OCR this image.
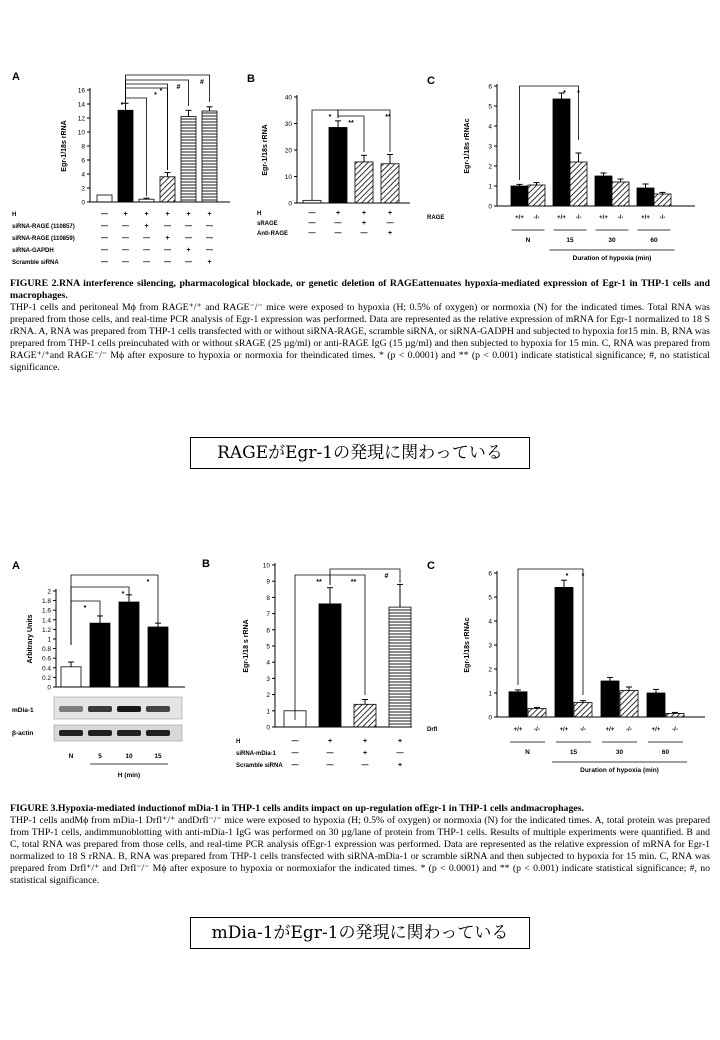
A
0
2
4
6
8
10
12
14
16
Egr-1/18s rRNA
H	— + + + + +
siRNA-RAGE (110857)	— — + — — —
siRNA-RAGE (110859)	— — — + — —
siRNA-GAPDH	— — — — + —
Scramble siRNA	— — — — — +
*
*
*
#
#	B
0
10
20
30
40
Egr-1/18s rRNA
H	—	+	+	+
sRAGE	—	—	+	—
Anti-RAGE	—	—	—	+
*
**
**
C
0
1
2
3
4
5
6
Egr-1/18s rRNAc
RAGE	+/+ -/-	+/+ -/-	+/+ -/-	+/+ -/-
N	15	30	60
Duration of hypoxia (min)
* *

FIGURE 2.RNA interference silencing, pharmacological blockade, or genetic deletion of RAGEattenuates hypoxia-mediated expression of Egr-1 in THP-1 cells and macrophages.

THP-1 cells and peritoneal Mϕ from RAGE⁺/⁺ and RAGE⁻/⁻ mice were exposed to hypoxia (H; 0.5% of oxygen) or normoxia (N) for the indicated times. Total RNA was prepared from those cells, and real-time PCR analysis of Egr-1 expression was performed. Data are represented as the relative expression of mRNA for Egr-1 normalized to 18 S rRNA. A, RNA was prepared from THP-1 cells transfected with or without siRNA-RAGE, scramble siRNA, or siRNA-GADPH and subjected to hypoxia for15 min. B, RNA was prepared from THP-1 cells preincubated with or without sRAGE (25 µg/ml) or anti-RAGE IgG (15 µg/ml) and then subjected to hypoxia for 15 min. C, RNA was prepared from RAGE⁺/⁺and RAGE⁻/⁻ Mϕ after exposure to hypoxia or normoxia for theindicated times. * (p < 0.0001) and ** (p < 0.001) indicate statistical significance; #, no statistical significance.

RAGEがEgr-1の発現に関わっている
A
0
0.2
0.4
0.6
0.8
1
1.2
1.4
1.6
1.8
2
Arbitrary Units
*
*
*
mDia-1
β-actin
N	5	10	15
H (min)
B
0
1
2
3
4
5
6
7
8
9
10
Egr-1/18 s rRNA
H	—	+	+	+
siRNA-mDia-1 —	—	+	—
Scramble siRNA —	—	—	+
**	**
#
C
0
1
2
3
4
5
6
Egr-1/18s rRNAc
Drfl	+/+ -/-	+/+ -/-	+/+ -/-	+/+ -/-
N	15	30	60
Duration of hypoxia (min)
* *

FIGURE 3.Hypoxia-mediated inductionof mDia-1 in THP-1 cells andits impact on up-regulation ofEgr-1 in THP-1 cells andmacrophages.

THP-1 cells andMϕ from mDia-1 Drfl⁺/⁺ andDrfl⁻/⁻ mice were exposed to hypoxia (H; 0.5% of oxygen) or normoxia (N) for the indicated times. A, total protein was prepared from THP-1 cells, andimmunoblotting with anti-mDia-1 IgG was performed on 30 µg/lane of protein from THP-1 cells. Results of multiple experiments were quantified. B and C, total RNA was prepared from those cells, and real-time PCR analysis ofEgr-1 expression was performed. Data are represented as the relative expression of mRNA for Egr-1 normalized to 18 S rRNA. B, RNA was prepared from THP-1 cells transfected with siRNA-mDia-1 or scramble siRNA and then subjected to hypoxia for 15 min. C, RNA was prepared from Drfl⁺/⁺ and Drfl⁻/⁻ Mϕ after exposure to hypoxia or normoxiafor the indicated times. * (p < 0.0001) and ** (p < 0.001) indicate statistical significance; #, no statistical significance.

mDia-1がEgr-1の発現に関わっている
